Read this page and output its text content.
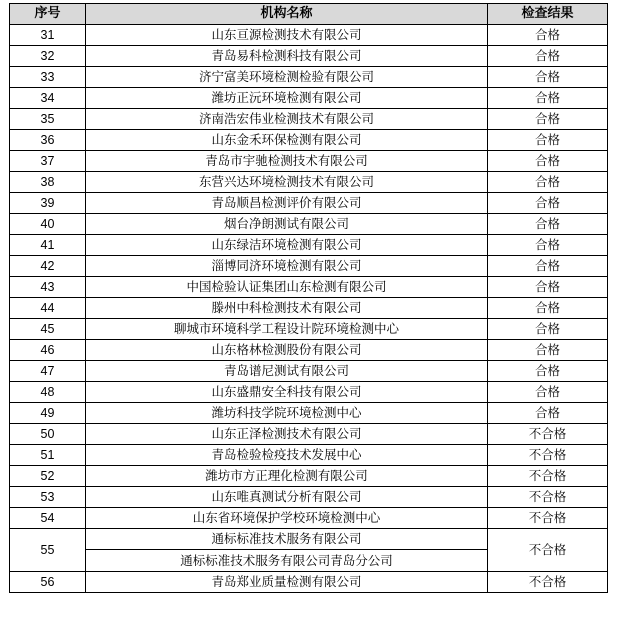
序号	机构名称	检查结果
31	山东亘源检测技术有限公司	合格
32	青岛易科检测科技有限公司	合格
33	济宁富美环境检测检验有限公司	合格
34	潍坊正沅环境检测有限公司	合格
35	济南浩宏伟业检测技术有限公司	合格
36	山东金禾环保检测有限公司	合格
37	青岛市宇驰检测技术有限公司	合格
38	东营兴达环境检测技术有限公司	合格
39	青岛顺昌检测评价有限公司	合格
40	烟台净朗测试有限公司	合格
41	山东绿洁环境检测有限公司	合格
42	淄博同济环境检测有限公司	合格
43	中国检验认证集团山东检测有限公司	合格
44	滕州中科检测技术有限公司	合格
45	聊城市环境科学工程设计院环境检测中心	合格
46	山东格林检测股份有限公司	合格
47	青岛谱尼测试有限公司	合格
48	山东盛鼎安全科技有限公司	合格
49	潍坊科技学院环境检测中心	合格
50	山东正泽检测技术有限公司	不合格
51	青岛检验检疫技术发展中心	不合格
52	潍坊市方正理化检测有限公司	不合格
53	山东唯真测试分析有限公司	不合格
54	山东省环境保护学校环境检测中心	不合格
55	通标标准技术服务有限公司	不合格
	通标标准技术服务有限公司青岛分公司	
56	青岛郑业质量检测有限公司	不合格
